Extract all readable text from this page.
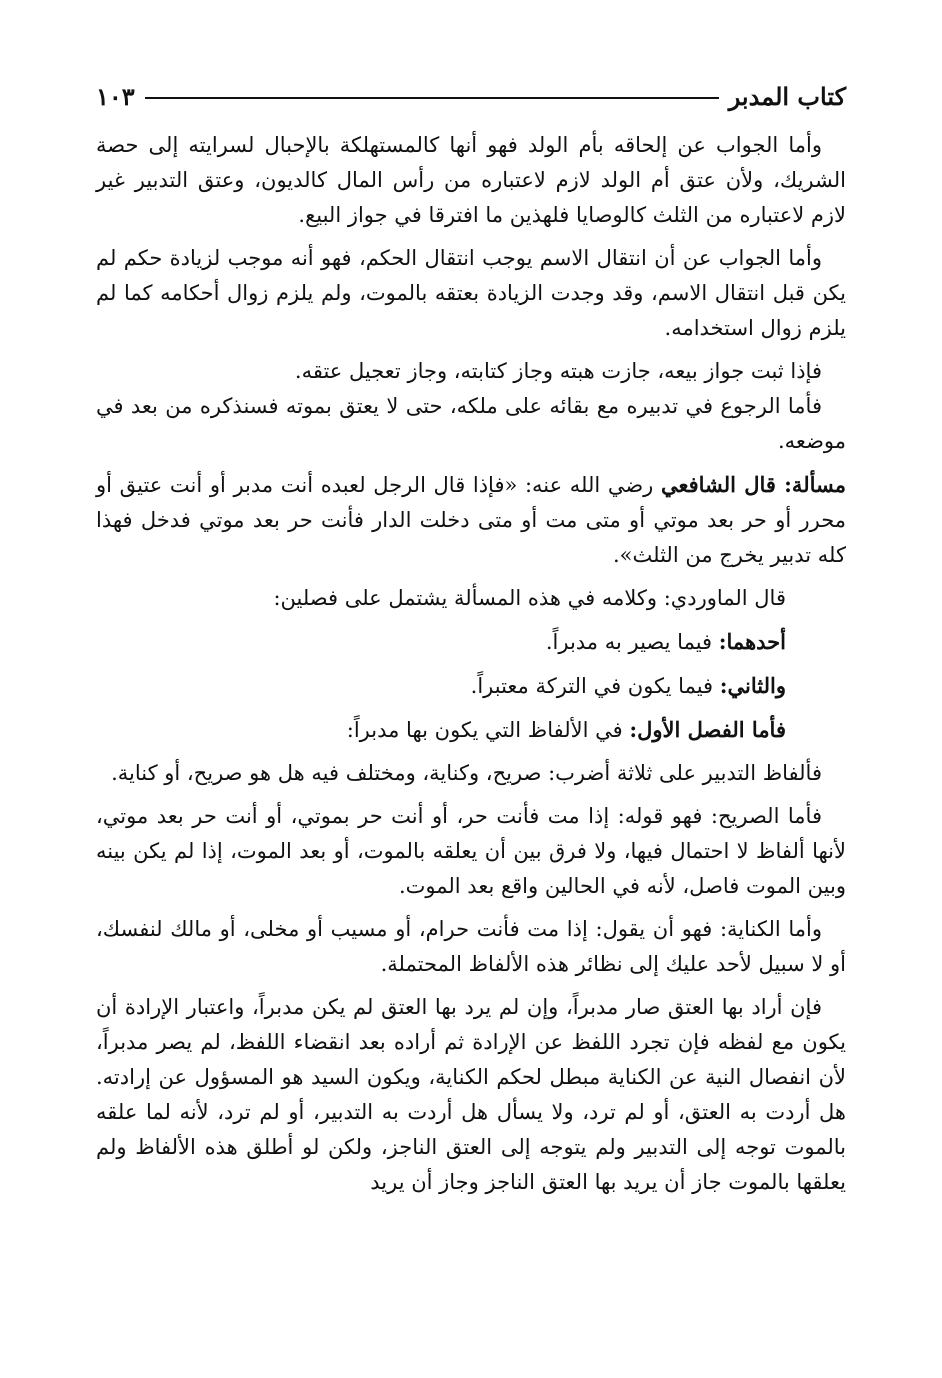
كتاب المدبر
١٠٣

وأما الجواب عن إلحاقه بأم الولد فهو أنها كالمستهلكة بالإحبال لسرايته إلى حصة الشريك، ولأن عتق أم الولد لازم لاعتباره من رأس المال كالديون، وعتق التدبير غير لازم لاعتباره من الثلث كالوصايا فلهذين ما افترقا في جواز البيع.

وأما الجواب عن أن انتقال الاسم يوجب انتقال الحكم، فهو أنه موجب لزيادة حكم لم يكن قبل انتقال الاسم، وقد وجدت الزيادة بعتقه بالموت، ولم يلزم زوال أحكامه كما لم يلزم زوال استخدامه.

فإذا ثبت جواز بيعه، جازت هبته وجاز كتابته، وجاز تعجيل عتقه.

فأما الرجوع في تدبيره مع بقائه على ملكه، حتى لا يعتق بموته فسنذكره من بعد في موضعه.

مسألة: قال الشافعي رضي الله عنه: «فإذا قال الرجل لعبده أنت مدبر أو أنت عتيق أو محرر أو حر بعد موتي أو متى مت أو متى دخلت الدار فأنت حر بعد موتي فدخل فهذا كله تدبير يخرج من الثلث».

قال الماوردي: وكلامه في هذه المسألة يشتمل على فصلين:

أحدهما: فيما يصير به مدبراً.

والثاني: فيما يكون في التركة معتبراً.

فأما الفصل الأول: في الألفاظ التي يكون بها مدبراً:

فألفاظ التدبير على ثلاثة أضرب: صريح، وكناية، ومختلف فيه هل هو صريح، أو كناية.

فأما الصريح: فهو قوله: إذا مت فأنت حر، أو أنت حر بموتي، أو أنت حر بعد موتي، لأنها ألفاظ لا احتمال فيها، ولا فرق بين أن يعلقه بالموت، أو بعد الموت، إذا لم يكن بينه وبين الموت فاصل، لأنه في الحالين واقع بعد الموت.

وأما الكناية: فهو أن يقول: إذا مت فأنت حرام، أو مسيب أو مخلى، أو مالك لنفسك، أو لا سبيل لأحد عليك إلى نظائر هذه الألفاظ المحتملة.

فإن أراد بها العتق صار مدبراً، وإن لم يرد بها العتق لم يكن مدبراً، واعتبار الإرادة أن يكون مع لفظه فإن تجرد اللفظ عن الإرادة ثم أراده بعد انقضاء اللفظ، لم يصر مدبراً، لأن انفصال النية عن الكناية مبطل لحكم الكناية، ويكون السيد هو المسؤول عن إرادته. هل أردت به العتق، أو لم ترد، ولا يسأل هل أردت به التدبير، أو لم ترد، لأنه لما علقه بالموت توجه إلى التدبير ولم يتوجه إلى العتق الناجز، ولكن لو أطلق هذه الألفاظ ولم يعلقها بالموت جاز أن يريد بها العتق الناجز وجاز أن يريد
